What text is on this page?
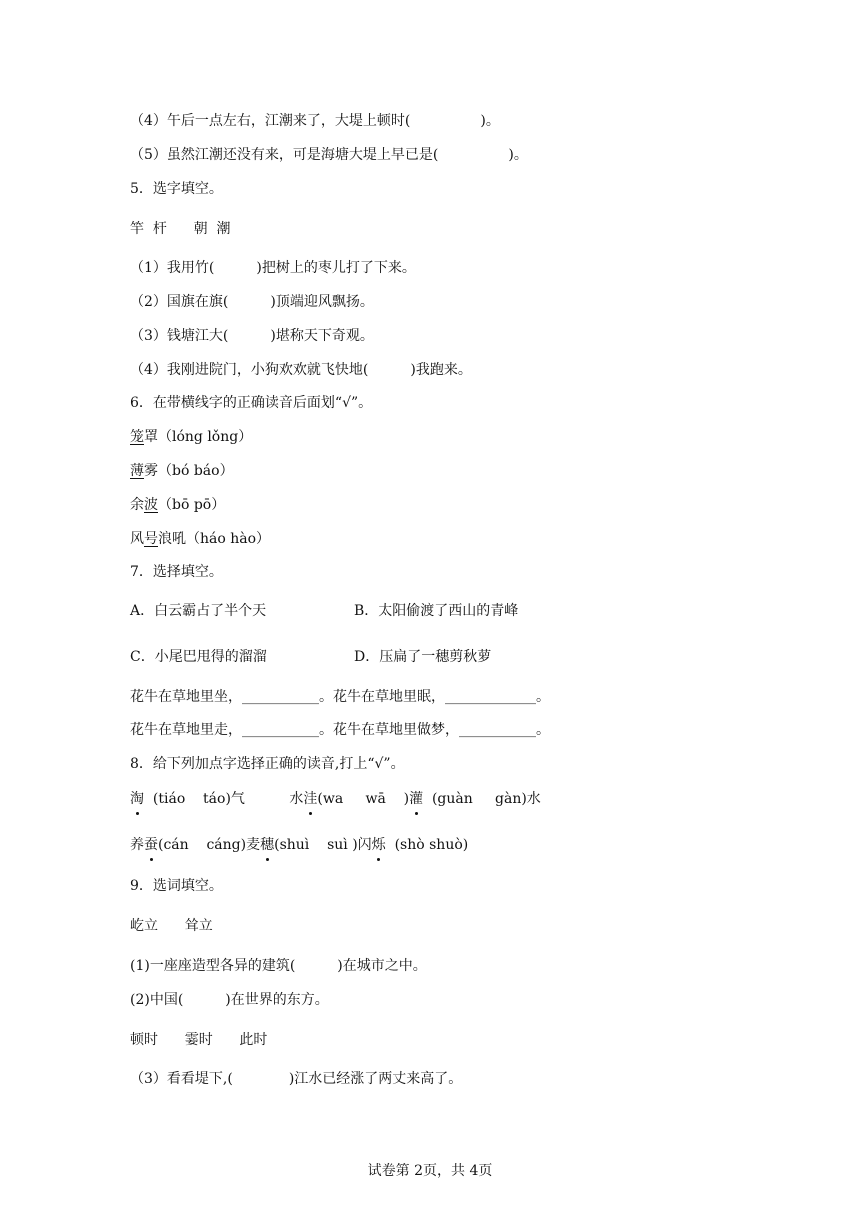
（4）午后一点左右，江潮来了，大堤上顿时(　　　　　)。
（5）虽然江潮还没有来，可是海塘大堤上早已是(　　　　　)。
5．选字填空。
竿  杆      朝  潮
（1）我用竹(　　　)把树上的枣儿打了下来。
（2）国旗在旗(　　　)顶端迎风飘扬。
（3）钱塘江大(　　　)堪称天下奇观。
（4）我刚进院门，小狗欢欢就飞快地(　　　)我跑来。
6．在带横线字的正确读音后面划“√”。
笼罩（lóng lǒng）
薄雾（bó báo）
余波（bō pō）
风号浪吼（háo hào）
7．选择填空。
A．白云霸占了半个天	B．太阳偷渡了西山的青峰
C．小尾巴甩得的溜溜	D．压扁了一穗剪秋萝
花牛在草地里坐，___________。花牛在草地里眠，_____________。
花牛在草地里走，___________。花牛在草地里做梦，___________。
8．给下列加点字选择正确的读音,打上“√”。
淘  (tiáo    táo)气          水洼(wa     wā    )灌  (guàn     gàn)水
养蚕(cán    cáng)麦穗(shuì    suì )闪烁  (shò shuò)
9．选词填空。
屹立      耸立
(1)一座座造型各异的建筑(　　　)在城市之中。
(2)中国(　　　)在世界的东方。
顿时      霎时      此时
（3）看看堤下,(　　　　)江水已经涨了两丈来高了。
试卷第 2页，共 4页
